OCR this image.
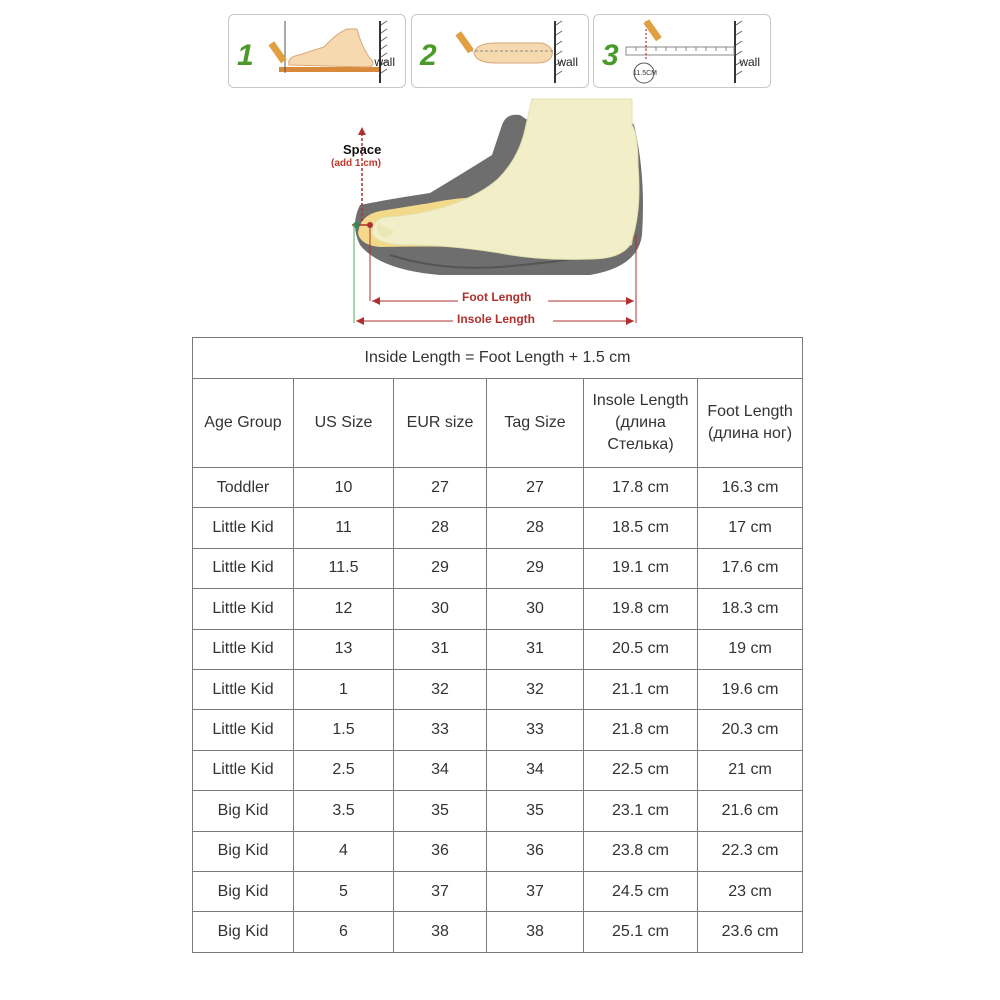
1	wall 2	wall 3
11.5CM
wall
Space
(add 1 cm)
Foot Length
Insole Length
Inside Length = Foot Length + 1.5 cm					

Age Group	US Size	EUR size	Tag Size	Insole Length
(длина
Стелька)	Foot Length
(длина ног)

Toddler	10	27	27	17.8 cm	16.3 cm
Little Kid	11	28	28	18.5 cm	17 cm
Little Kid	11.5	29	29	19.1 cm	17.6 cm
Little Kid	12	30	30	19.8 cm	18.3 cm
Little Kid	13	31	31	20.5 cm	19 cm
Little Kid	1	32	32	21.1 cm	19.6 cm
Little Kid	1.5	33	33	21.8 cm	20.3 cm
Little Kid	2.5	34	34	22.5 cm	21 cm
Big Kid	3.5	35	35	23.1 cm	21.6 cm
Big Kid	4	36	36	23.8 cm	22.3 cm
Big Kid	5	37	37	24.5 cm	23 cm
Big Kid	6	38	38	25.1 cm	23.6 cm
